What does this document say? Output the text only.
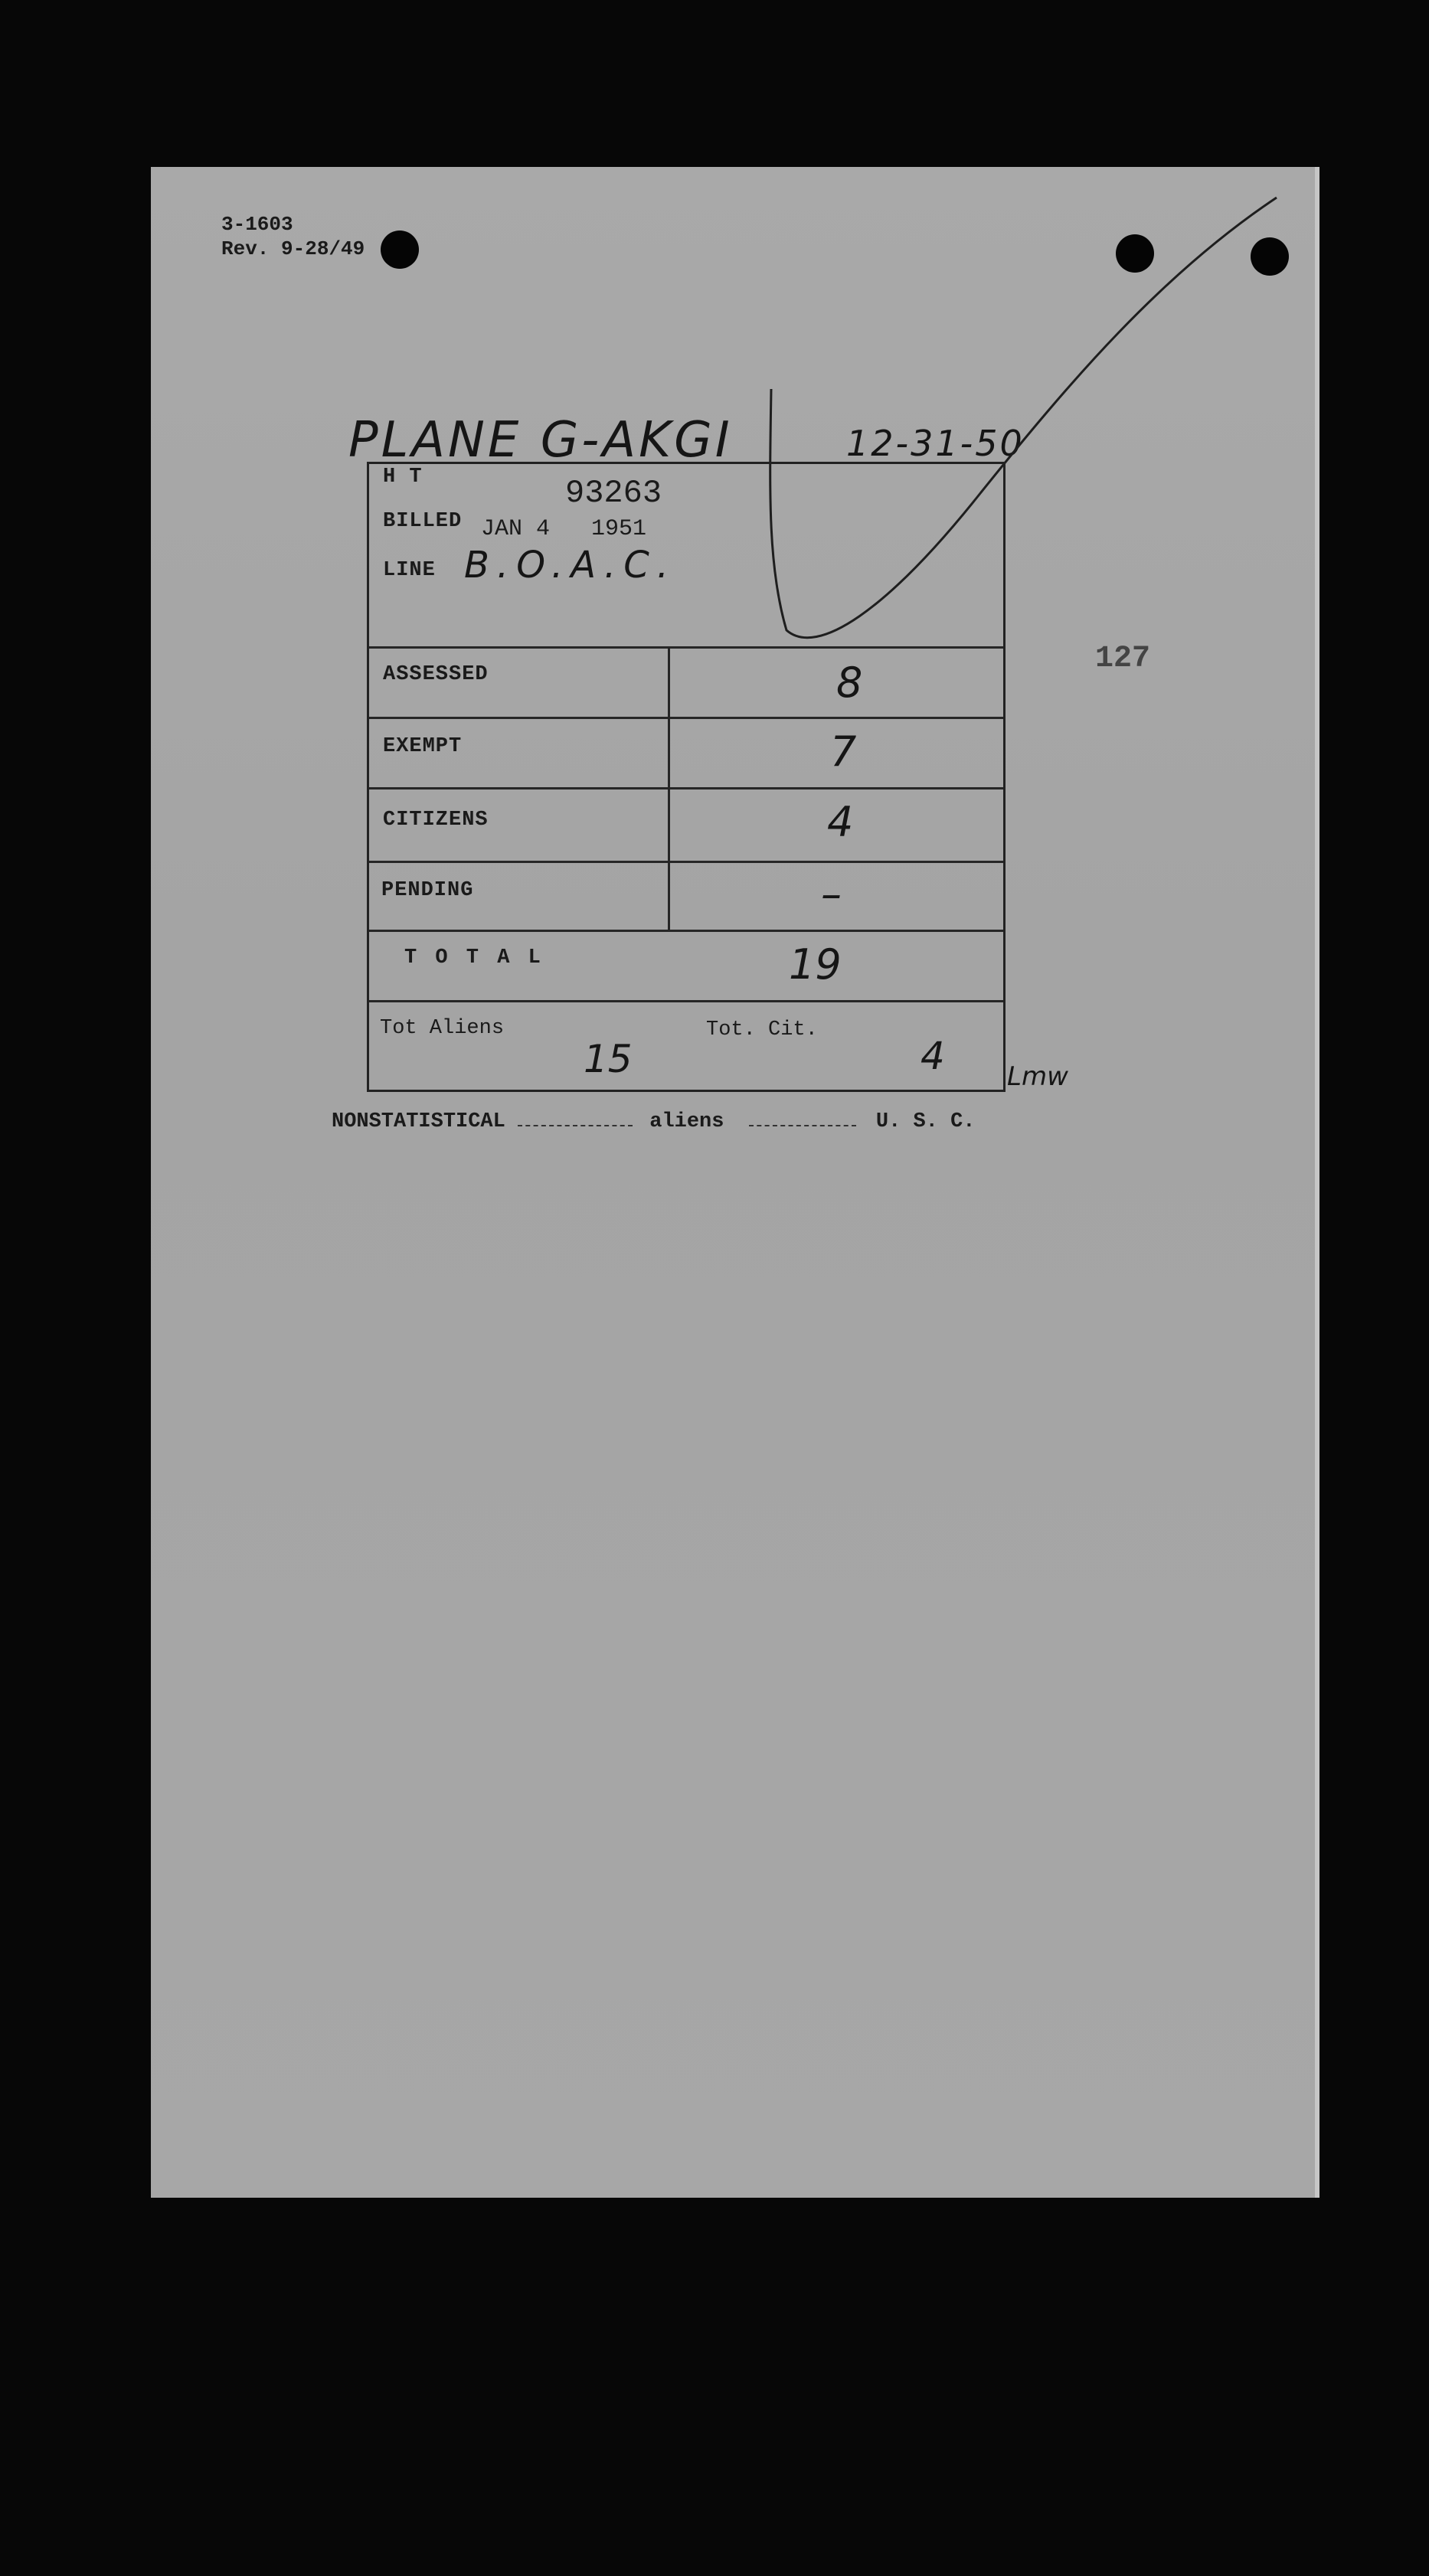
3-1603
Rev. 9-28/49
PLANE G-AKGI	12-31-50
127
H T	93263
BILLED JAN 4   1951
LINE B.O.A.C.
ASSESSED	8
EXEMPT	7
CITIZENS	4
PENDING	–
T O T A L	19
Tot Aliens
15
Tot. Cit.
4 Lmw
NONSTATISTICAL	aliens	U. S. C.
